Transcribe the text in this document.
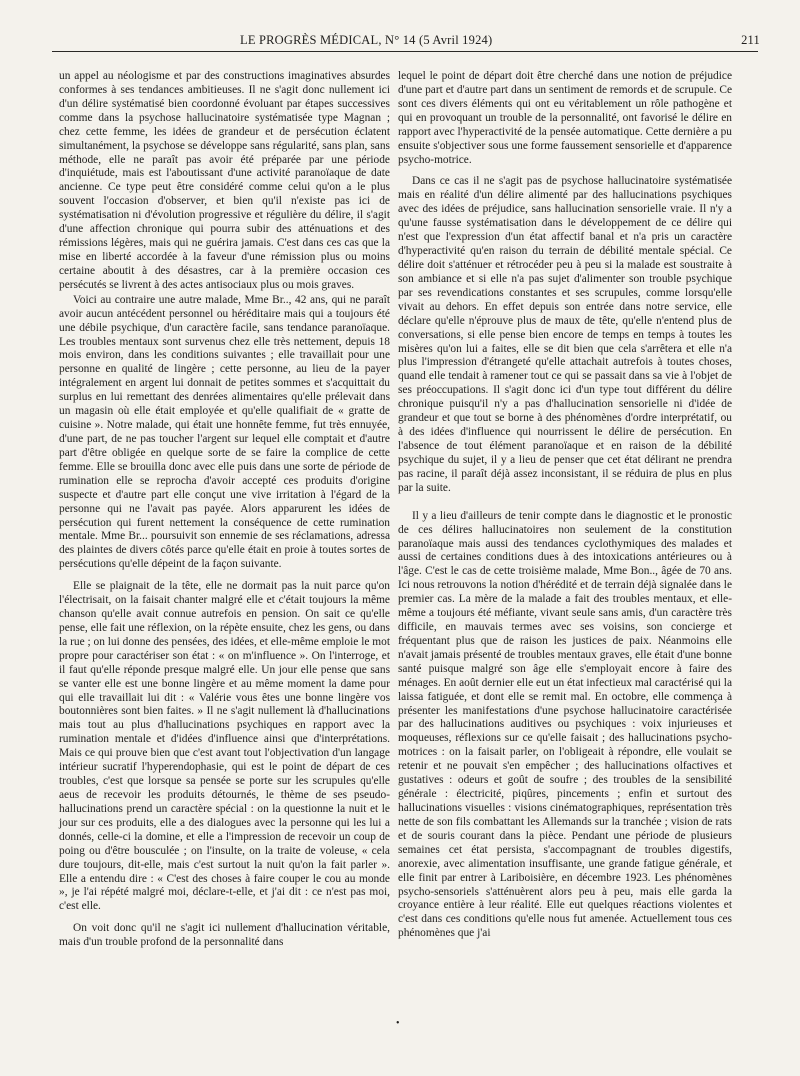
LE PROGRÈS MÉDICAL, N° 14 (5 Avril 1924)	211

un appel au néologisme et par des constructions imaginatives absurdes conformes à ses tendances ambitieuses. Il ne s'agit donc nullement ici d'un délire systématisé bien coordonné évoluant par étapes successives comme dans la psychose hallucinatoire systématisée type Magnan ; chez cette femme, les idées de grandeur et de persécution éclatent simultanément, la psychose se développe sans régularité, sans plan, sans méthode, elle ne paraît pas avoir été préparée par une période d'inquiétude, mais est l'aboutissant d'une activité paranoïaque de date ancienne. Ce type peut être considéré comme celui qu'on a le plus souvent l'occasion d'observer, et bien qu'il n'existe pas ici de systématisation ni d'évolution progressive et régulière du délire, il s'agit d'une affection chronique qui pourra subir des atténuations et des rémissions légères, mais qui ne guérira jamais. C'est dans ces cas que la mise en liberté accordée à la faveur d'une rémission plus ou moins certaine aboutit à des désastres, car à la première occasion ces persécutés se livrent à des actes antisociaux plus ou mois graves.

Voici au contraire une autre malade, Mme Br.., 42 ans, qui ne paraît avoir aucun antécédent personnel ou héréditaire mais qui a toujours été une débile psychique, d'un caractère facile, sans tendance paranoïaque. Les troubles mentaux sont survenus chez elle très nettement, depuis 18 mois environ, dans les conditions suivantes ; elle travaillait pour une personne en qualité de lingère ; cette personne, au lieu de la payer intégralement en argent lui donnait de petites sommes et s'acquittait du surplus en lui remettant des denrées alimentaires qu'elle prélevait dans un magasin où elle était employée et qu'elle qualifiait de « gratte de cuisine ». Notre malade, qui était une honnête femme, fut très ennuyée, d'une part, de ne pas toucher l'argent sur lequel elle comptait et d'autre part d'être obligée en quelque sorte de se faire la complice de cette femme. Elle se brouilla donc avec elle puis dans une sorte de période de rumination elle se reprocha d'avoir accepté ces produits d'origine suspecte et d'autre part elle conçut une vive irritation à l'égard de la personne qui ne l'avait pas payée. Alors apparurent les idées de persécution qui furent nettement la conséquence de cette rumination mentale. Mme Br... poursuivit son ennemie de ses réclamations, adressa des plaintes de divers côtés parce qu'elle était en proie à toutes sortes de persécutions qu'elle dépeint de la façon suivante.

Elle se plaignait de la tête, elle ne dormait pas la nuit parce qu'on l'électrisait, on la faisait chanter malgré elle et c'était toujours la même chanson qu'elle avait connue autrefois en pension. On sait ce qu'elle pense, elle fait une réflexion, on la répète ensuite, chez les gens, ou dans la rue ; on lui donne des pensées, des idées, et elle-même emploie le mot propre pour caractériser son état : « on m'influence ». On l'interroge, et il faut qu'elle réponde presque malgré elle. Un jour elle pense que sans se vanter elle est une bonne lingère et au même moment la dame pour qui elle travaillait lui dit : « Valérie vous êtes une bonne lingère vos boutonnières sont bien faites. » Il ne s'agit nullement là d'hallucinations mais tout au plus d'hallucinations psychiques en rapport avec la rumination mentale et d'idées d'influence ainsi que d'interprétations. Mais ce qui prouve bien que c'est avant tout l'objectivation d'un langage intérieur sucratif l'hyperendophasie, qui est le point de départ de ces troubles, c'est que lorsque sa pensée se porte sur les scrupules qu'elle aeus de recevoir les produits détournés, le thème de ses pseudo-hallucinations prend un caractère spécial : on la questionne la nuit et le jour sur ces produits, elle a des dialogues avec la personne qui les lui a donnés, celle-ci la domine, et elle a l'impression de recevoir un coup de poing ou d'être bousculée ; on l'insulte, on la traite de voleuse, « cela dure toujours, dit-elle, mais c'est surtout la nuit qu'on la fait parler ». Elle a entendu dire : « C'est des choses à faire couper le cou au monde », je l'ai répété malgré moi, déclare-t-elle, et j'ai dit : ce n'est pas moi, c'est elle.

On voit donc qu'il ne s'agit ici nullement d'hallucination véritable, mais d'un trouble profond de la personnalité dans

lequel le point de départ doit être cherché dans une notion de préjudice d'une part et d'autre part dans un sentiment de remords et de scrupule. Ce sont ces divers éléments qui ont eu véritablement un rôle pathogène et qui en provoquant un trouble de la personnalité, ont favorisé le délire en rapport avec l'hyperactivité de la pensée automatique. Cette dernière a pu ensuite s'objectiver sous une forme faussement sensorielle et d'apparence psycho-motrice.

Dans ce cas il ne s'agit pas de psychose hallucinatoire systématisée mais en réalité d'un délire alimenté par des hallucinations psychiques avec des idées de préjudice, sans hallucination sensorielle vraie. Il n'y a qu'une fausse systématisation dans le développement de ce délire qui n'est que l'expression d'un état affectif banal et n'a pris un caractère d'hyperactivité qu'en raison du terrain de débilité mentale spécial. Ce délire doit s'atténuer et rétrocéder peu à peu si la malade est soustraite à son ambiance et si elle n'a pas sujet d'alimenter son trouble psychique par ses revendications constantes et ses scrupules, comme lorsqu'elle vivait au dehors. En effet depuis son entrée dans notre service, elle déclare qu'elle n'éprouve plus de maux de tête, qu'elle n'entend plus de conversations, si elle pense bien encore de temps en temps à toutes les misères qu'on lui a faites, elle se dit bien que cela s'arrêtera et elle n'a plus l'impression d'étrangeté qu'elle attachait autrefois à toutes choses, quand elle tendait à ramener tout ce qui se passait dans sa vie à l'objet de ses préoccupations. Il s'agit donc ici d'un type tout différent du délire chronique puisqu'il n'y a pas d'hallucination sensorielle ni d'idée de grandeur et que tout se borne à des phénomènes d'ordre interprétatif, ou à des idées d'influence qui nourrissent le délire de persécution. En l'absence de tout élément paranoïaque et en raison de la débilité psychique du sujet, il y a lieu de penser que cet état délirant ne prendra pas racine, il paraît déjà assez inconsistant, il se réduira de plus en plus par la suite.

Il y a lieu d'ailleurs de tenir compte dans le diagnostic et le pronostic de ces délires hallucinatoires non seulement de la constitution paranoïaque mais aussi des tendances cyclothymiques des malades et aussi de certaines conditions dues à des intoxications antérieures ou à l'âge. C'est le cas de cette troisième malade, Mme Bon.., âgée de 70 ans. Ici nous retrouvons la notion d'hérédité et de terrain déjà signalée dans le premier cas. La mère de la malade a fait des troubles mentaux, et elle-même a toujours été méfiante, vivant seule sans amis, d'un caractère très difficile, en mauvais termes avec ses voisins, son concierge et fréquentant plus que de raison les justices de paix. Néanmoins elle n'avait jamais présenté de troubles mentaux graves, elle était d'une bonne santé puisque malgré son âge elle s'employait encore à faire des ménages. En août dernier elle eut un état infectieux mal caractérisé qui la laissa fatiguée, et dont elle se remit mal. En octobre, elle commença à présenter les manifestations d'une psychose hallucinatoire caractérisée par des hallucinations auditives ou psychiques : voix injurieuses et moqueuses, réflexions sur ce qu'elle faisait ; des hallucinations psycho-motrices : on la faisait parler, on l'obligeait à répondre, elle voulait se retenir et ne pouvait s'en empêcher ; des hallucinations olfactives et gustatives : odeurs et goût de soufre ; des troubles de la sensibilité générale : électricité, piqûres, pincements ; enfin et surtout des hallucinations visuelles : visions cinématographiques, représentation très nette de son fils combattant les Allemands sur la tranchée ; vision de rats et de souris courant dans la pièce. Pendant une période de plusieurs semaines cet état persista, s'accompagnant de troubles digestifs, anorexie, avec alimentation insuffisante, une grande fatigue générale, et elle finit par entrer à Lariboisière, en décembre 1923. Les phénomènes psycho-sensoriels s'atténuèrent alors peu à peu, mais elle garda la croyance entière à leur réalité. Elle eut quelques réactions violentes et c'est dans ces conditions qu'elle nous fut amenée. Actuellement tous ces phénomènes que j'ai

•
